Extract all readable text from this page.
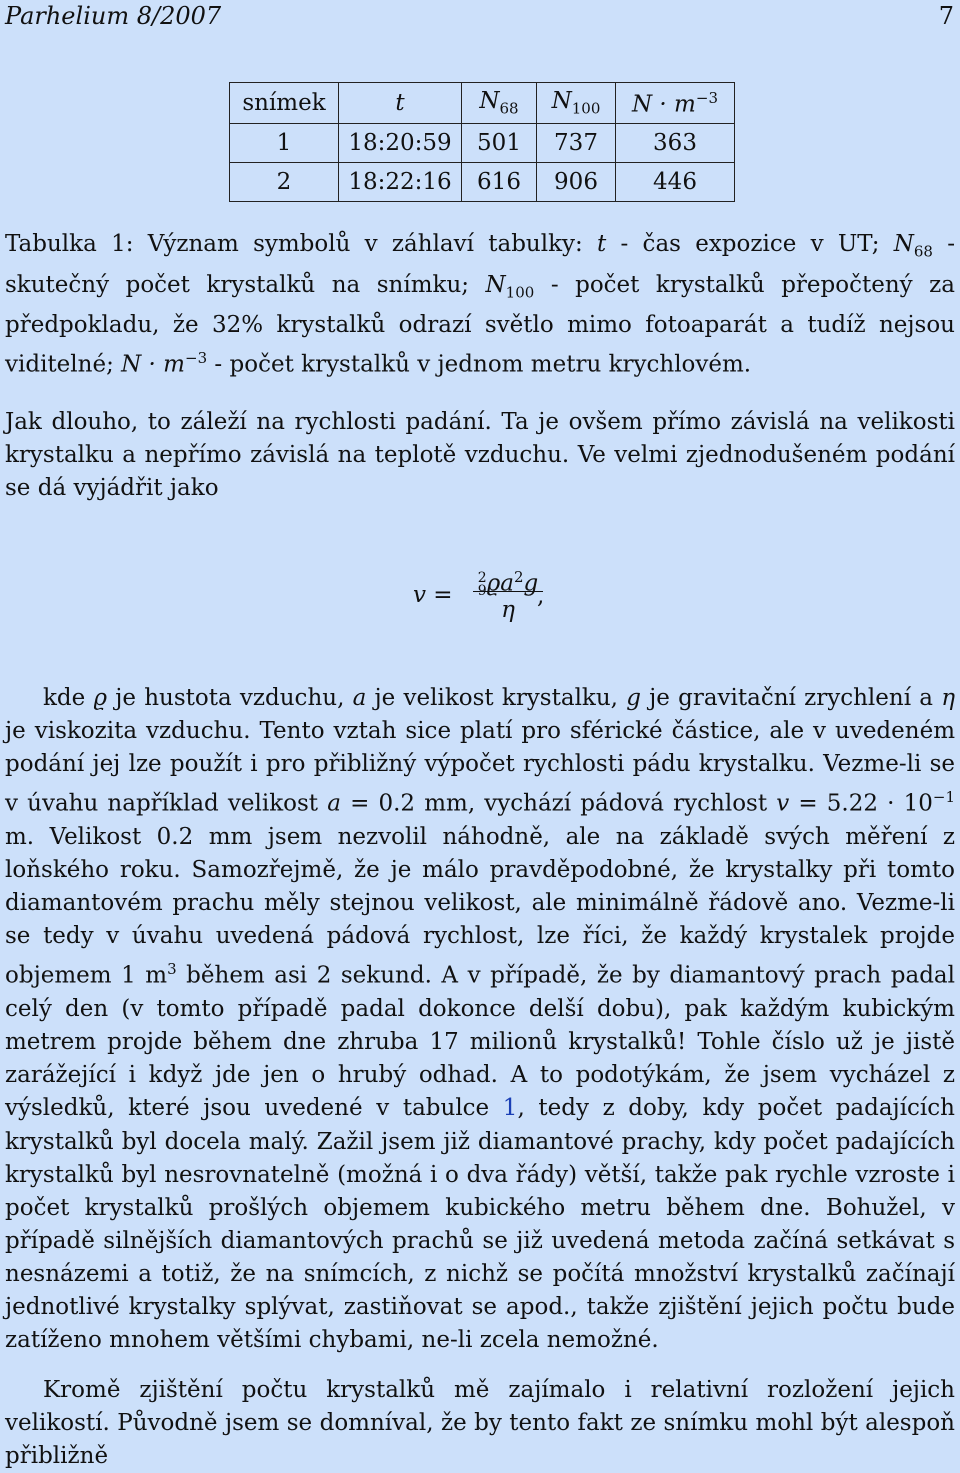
Parhelium 8/2007	7
snímek	t	$N_{68}$	$N_{100}$	$N \cdot m^{-3}$
1	18:20:59	501	737	363
2	18:22:16	616	906	446

Tabulka 1: Význam symbolů v záhlaví tabulky: t - čas expozice v UT; $N_{68}$ - skutečný počet krystalků na snímku; $N_{100}$ - počet krystalků přepočtený za předpokladu, že 32% krystalků odrazí světlo mimo fotoaparát a tudíž nejsou viditelné; $N \cdot m^{-3}$ - počet krystalků v jednom metru krychlovém.

Jak dlouho, to záleží na rychlosti padání. Ta je ovšem přímo závislá na velikosti krystalku a nepřímo závislá na teplotě vzduchu. Ve velmi zjednodušeném podání se dá vyjádřit jako

v =
2
$9ϱa^2g$
η
,

kde ϱ je hustota vzduchu, a je velikost krystalku, g je gravitační zrychlení a η je viskozita vzduchu. Tento vztah sice platí pro sférické částice, ale v uvedeném podání jej lze použít i pro přibližný výpočet rychlosti pádu krystalku. Vezme-li se v úvahu například velikost a = 0.2 mm, vychází pádová rychlost $v = 5.22 \cdot 10^{-1}$ m. Velikost 0.2 mm jsem nezvolil náhodně, ale na základě svých měření z loňského roku. Samozřejmě, že je málo pravděpodobné, že krystalky při tomto diamantovém prachu měly stejnou velikost, ale minimálně řádově ano. Vezme-li se tedy v úvahu uvedená pádová rychlost, lze říci, že každý krystalek projde objemem 1 $m^3$ během asi 2 sekund. A v případě, že by diamantový prach padal celý den (v tomto případě padal dokonce delší dobu), pak každým kubickým metrem projde během dne zhruba 17 milionů krystalků! Tohle číslo už je jistě zarážející i když jde jen o hrubý odhad. A to podotýkám, že jsem vycházel z výsledků, které jsou uvedené v tabulce 1, tedy z doby, kdy počet padajících krystalků byl docela malý. Zažil jsem již diamantové prachy, kdy počet padajících krystalků byl nesrovnatelně (možná i o dva řády) větší, takže pak rychle vzroste i počet krystalků prošlých objemem kubického metru během dne. Bohužel, v případě silnějších diamantových prachů se již uvedená metoda začíná setkávat s nesnázemi a totiž, že na snímcích, z nichž se počítá množství krystalků začínají jednotlivé krystalky splývat, zastiňovat se apod., takže zjištění jejich počtu bude zatíženo mnohem většími chybami, ne-li zcela nemožné.

Kromě zjištění počtu krystalků mě zajímalo i relativní rozložení jejich velikostí. Původně jsem se domníval, že by tento fakt ze snímku mohl být alespoň přibližně
